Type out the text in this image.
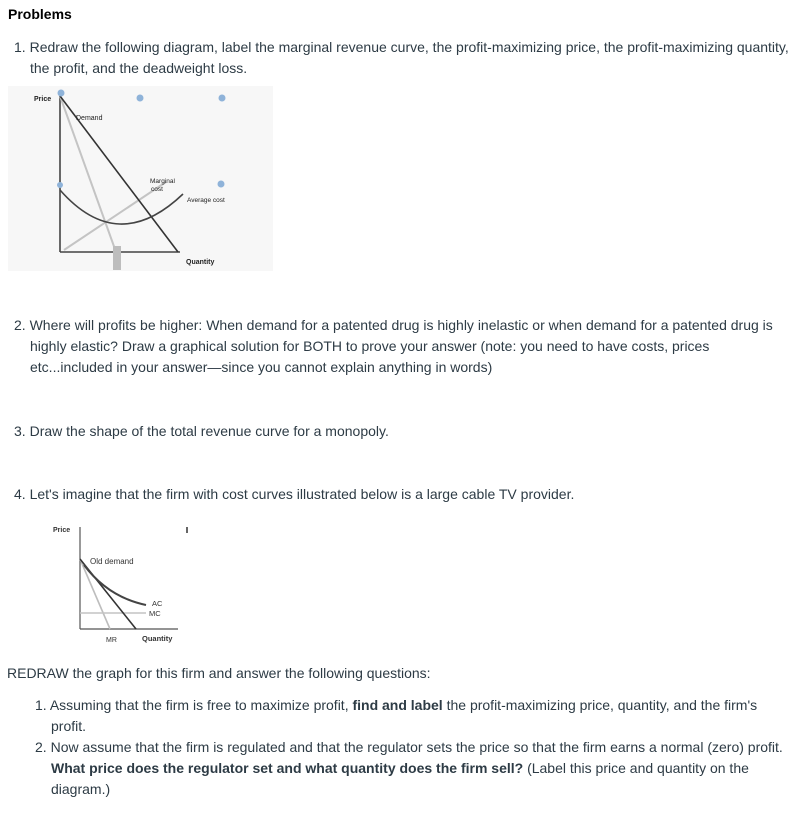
Problems
1. Redraw the following diagram, label the marginal revenue curve, the profit-maximizing price, the profit-maximizing quantity, the profit, and the deadweight loss.
Price
Demand
Marginal
cost
Average cost
Quantity
2. Where will profits be higher: When demand for a patented drug is highly inelastic or when demand for a patented drug is highly elastic? Draw a graphical solution for BOTH to prove your answer (note: you need to have costs, prices etc...included in your answer—since you cannot explain anything in words)
3. Draw the shape of the total revenue curve for a monopoly.
4. Let's imagine that the firm with cost curves illustrated below is a large cable TV provider.
Price
Old demand
AC
MC
MR	Quantity
REDRAW the graph for this firm and answer the following questions:
1. Assuming that the firm is free to maximize profit, find and label the profit-maximizing price, quantity, and the firm's profit.
2. Now assume that the firm is regulated and that the regulator sets the price so that the firm earns a normal (zero) profit. What price does the regulator set and what quantity does the firm sell? (Label this price and quantity on the diagram.)
